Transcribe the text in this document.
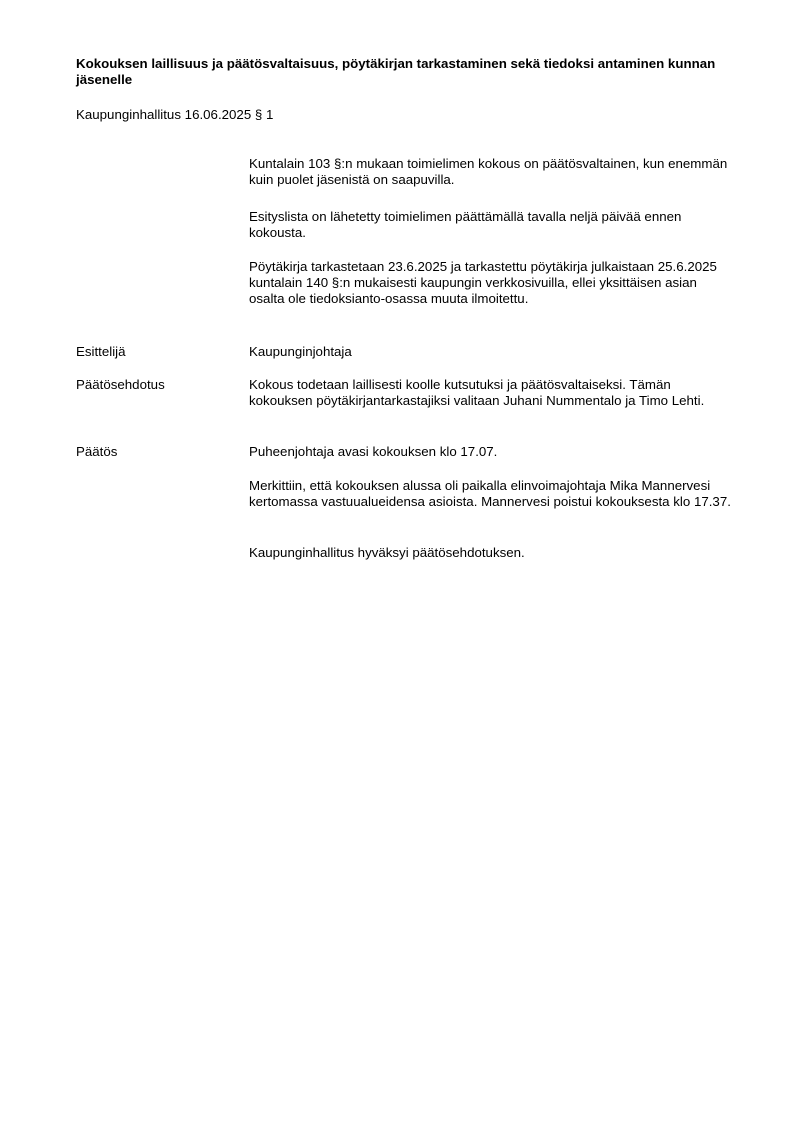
Kokouksen laillisuus ja päätösvaltaisuus, pöytäkirjan tarkastaminen sekä tiedoksi antaminen kunnan jäsenelle
Kaupunginhallitus 16.06.2025 § 1

Kuntalain 103 §:n mukaan toimielimen kokous on päätösvaltainen, kun enemmän kuin puolet jäsenistä on saapuvilla.

Esityslista on lähetetty toimielimen päättämällä tavalla neljä päivää ennen kokousta.

Pöytäkirja tarkastetaan 23.6.2025 ja tarkastettu pöytäkirja julkaistaan 25.6.2025 kuntalain 140 §:n mukaisesti kaupungin verkkosivuilla, ellei yksittäisen asian osalta ole tiedoksianto-osassa muuta ilmoitettu.

Esittelijä	Kaupunginjohtaja

Päätösehdotus	Kokous todetaan laillisesti koolle kutsutuksi ja päätösvaltaiseksi. Tämän kokouksen pöytäkirjantarkastajiksi valitaan Juhani Nummentalo ja Timo Lehti.

Päätös	Puheenjohtaja avasi kokouksen klo 17.07.

Merkittiin, että kokouksen alussa oli paikalla elinvoimajohtaja Mika Mannervesi kertomassa vastuualueidensa asioista. Mannervesi poistui kokouksesta klo 17.37.

Kaupunginhallitus hyväksyi päätösehdotuksen.
